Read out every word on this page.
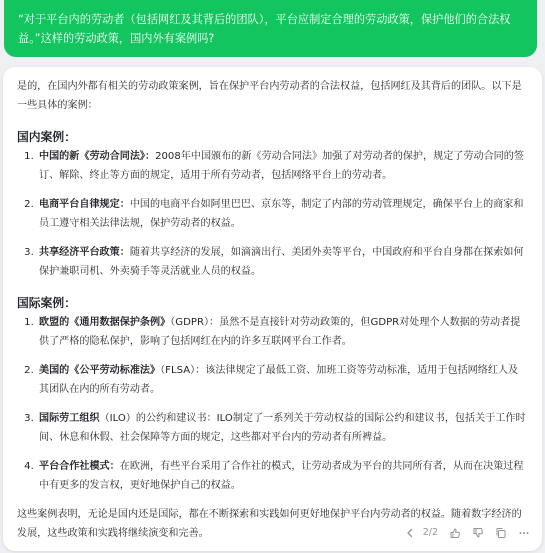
“对于平台内的劳动者（包括网红及其背后的团队），平台应制定合理的劳动政策，保护他们的合法权益。”这样的劳动政策，国内外有案例吗?

是的，在国内外都有相关的劳动政策案例，旨在保护平台内劳动者的合法权益，包括网红及其背后的团队。以下是一些具体的案例：

国内案例：

1. 中国的新《劳动合同法》：2008年中国颁布的新《劳动合同法》加强了对劳动者的保护，规定了劳动合同的签订、解除、终止等方面的规定，适用于所有劳动者，包括网络平台上的劳动者。
2. 电商平台自律规定：中国的电商平台如阿里巴巴、京东等，制定了内部的劳动管理规定，确保平台上的商家和员工遵守相关法律法规，保护劳动者的权益。
3. 共享经济平台政策：随着共享经济的发展，如滴滴出行、美团外卖等平台，中国政府和平台自身都在探索如何保护兼职司机、外卖骑手等灵活就业人员的权益。

国际案例：

1. 欧盟的《通用数据保护条例》（GDPR）：虽然不是直接针对劳动政策的，但GDPR对处理个人数据的劳动者提供了严格的隐私保护，影响了包括网红在内的许多互联网平台工作者。
2. 美国的《公平劳动标准法》（FLSA）：该法律规定了最低工资、加班工资等劳动标准，适用于包括网络红人及其团队在内的所有劳动者。
3. 国际劳工组织（ILO）的公约和建议书：ILO制定了一系列关于劳动权益的国际公约和建议书，包括关于工作时间、休息和休假、社会保障等方面的规定，这些都对平台内的劳动者有所裨益。
4. 平台合作社模式：在欧洲，有些平台采用了合作社的模式，让劳动者成为平台的共同所有者，从而在决策过程中有更多的发言权，更好地保护自己的权益。

这些案例表明，无论是国内还是国际，都在不断探索和实践如何更好地保护平台内劳动者的权益。随着数字经济的发展，这些政策和实践将继续演变和完善。	2/2
